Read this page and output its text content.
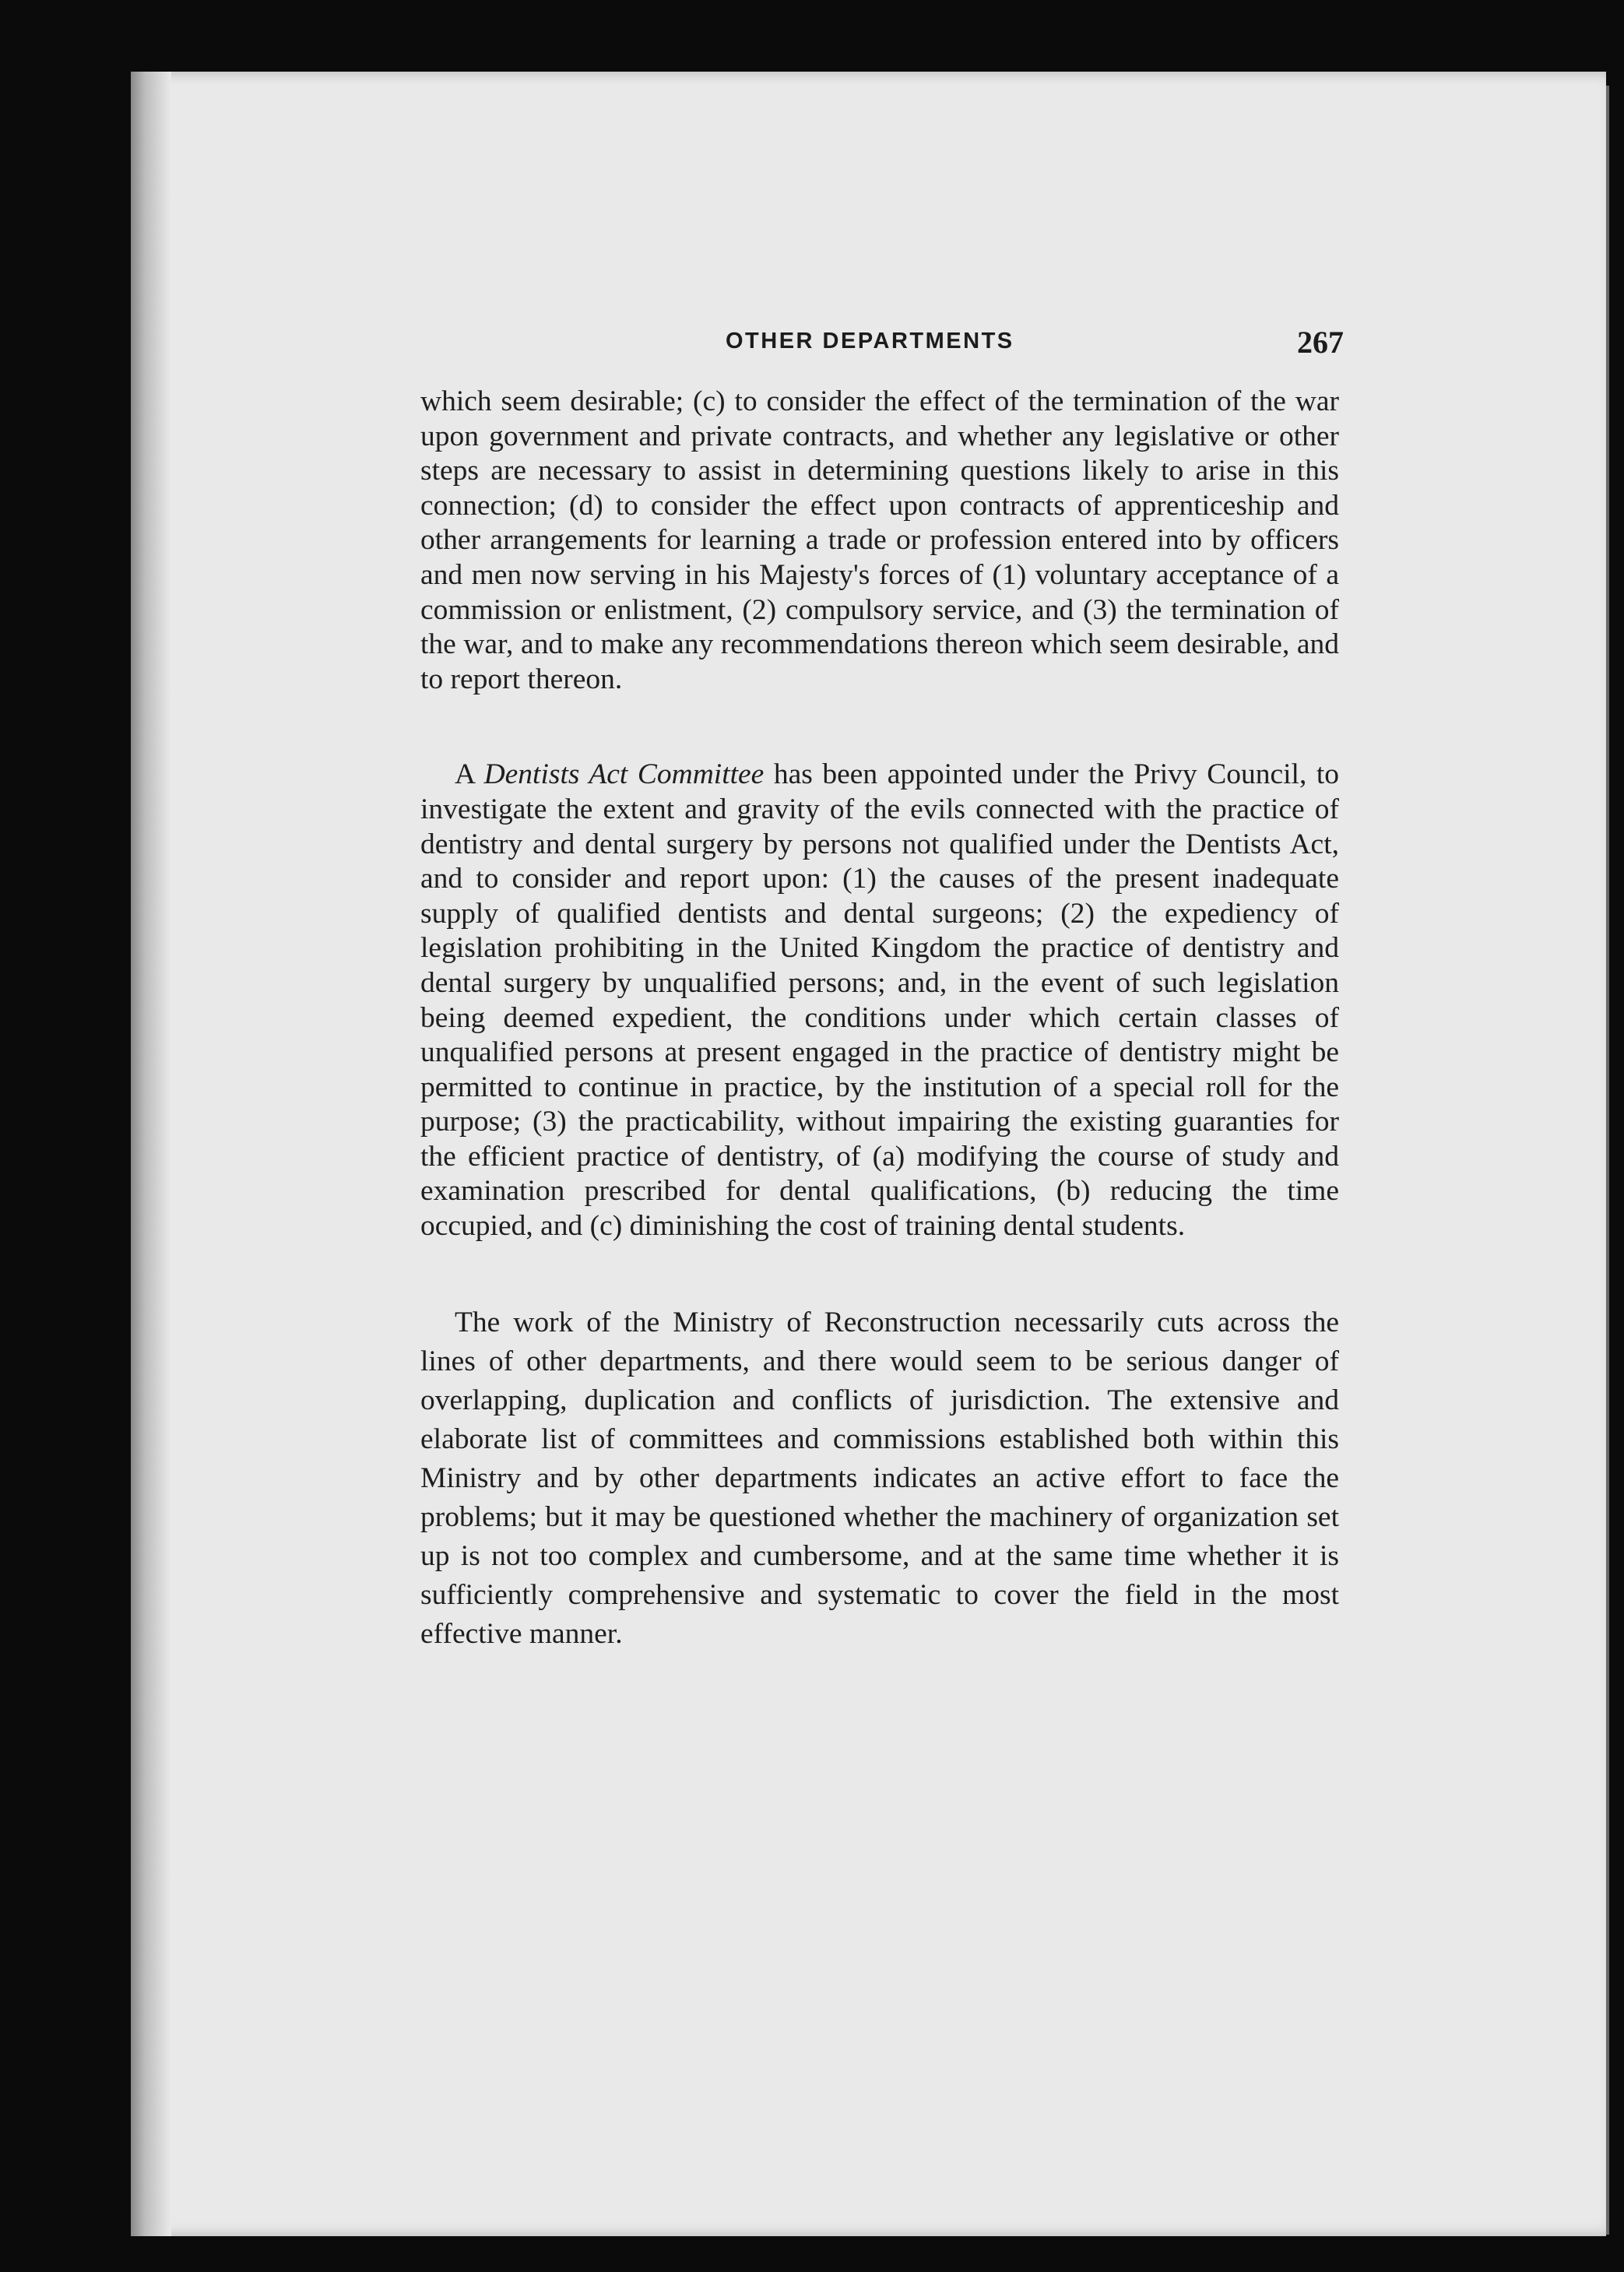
OTHER DEPARTMENTS	267

which seem desirable; (c) to consider the effect of the termination of the war upon government and private contracts, and whether any legislative or other steps are necessary to assist in determining questions likely to arise in this connection; (d) to consider the effect upon contracts of apprenticeship and other arrangements for learning a trade or profession entered into by officers and men now serving in his Majesty's forces of (1) voluntary acceptance of a commission or enlistment, (2) compulsory service, and (3) the termination of the war, and to make any recommendations thereon which seem desirable, and to report thereon.

A Dentists Act Committee has been appointed under the Privy Council, to investigate the extent and gravity of the evils connected with the practice of dentistry and dental surgery by persons not qualified under the Dentists Act, and to consider and report upon: (1) the causes of the present inadequate supply of qualified dentists and dental surgeons; (2) the expediency of legislation prohibiting in the United Kingdom the practice of dentistry and dental surgery by unqualified persons; and, in the event of such legislation being deemed expedient, the conditions under which certain classes of unqualified persons at present engaged in the practice of dentistry might be permitted to continue in practice, by the institution of a special roll for the purpose; (3) the practicability, without impairing the existing guaranties for the efficient practice of dentistry, of (a) modifying the course of study and examination prescribed for dental qualifications, (b) reducing the time occupied, and (c) diminishing the cost of training dental students.

The work of the Ministry of Reconstruction necessarily cuts across the lines of other departments, and there would seem to be serious danger of overlapping, duplication and conflicts of jurisdiction. The extensive and elaborate list of committees and commissions established both within this Ministry and by other departments indicates an active effort to face the problems; but it may be questioned whether the machinery of organization set up is not too complex and cumbersome, and at the same time whether it is sufficiently comprehensive and systematic to cover the field in the most effective manner.
